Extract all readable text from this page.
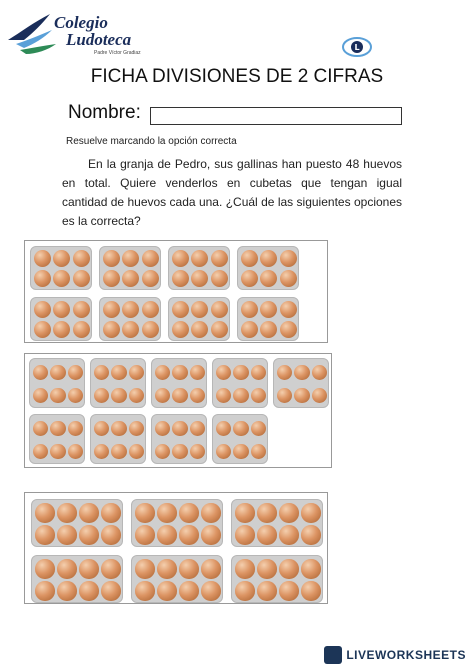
Colegio
Ludoteca
Padre Víctor Gradiaz
L
FICHA DIVISIONES DE 2 CIFRAS
Nombre:
Resuelve marcando la opción correcta
En la granja de Pedro, sus gallinas han puesto 48 huevos en total. Quiere venderlos en cubetas que tengan igual cantidad de huevos cada una. ¿Cuál de las siguientes opciones es la correcta?
LIVEWORKSHEETS
